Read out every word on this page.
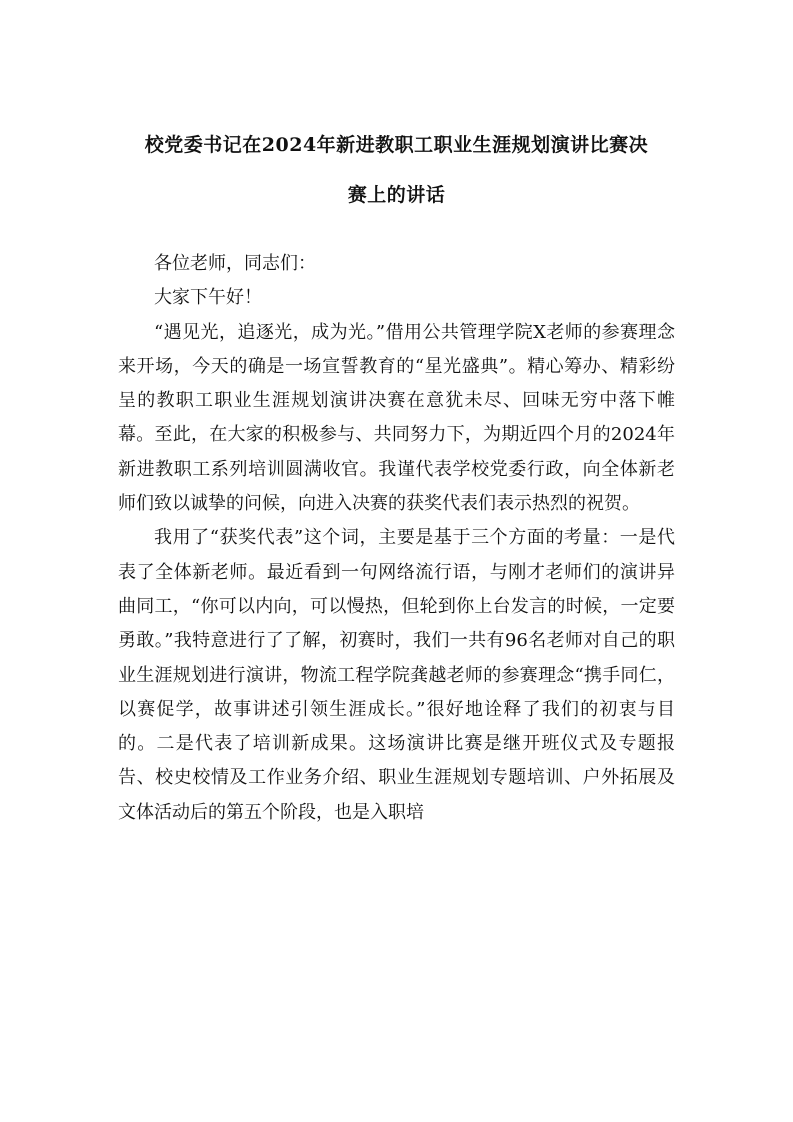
校党委书记在2024年新进教职工职业生涯规划演讲比赛决
赛上的讲话

各位老师，同志们：

大家下午好！

“遇见光，追逐光，成为光。”借用公共管理学院X老师的参赛理念来开场，今天的确是一场宣誓教育的“星光盛典”。精心筹办、精彩纷呈的教职工职业生涯规划演讲决赛在意犹未尽、回味无穷中落下帷幕。至此，在大家的积极参与、共同努力下，为期近四个月的2024年新进教职工系列培训圆满收官。我谨代表学校党委行政，向全体新老师们致以诚挚的问候，向进入决赛的获奖代表们表示热烈的祝贺。

我用了“获奖代表”这个词，主要是基于三个方面的考量：一是代表了全体新老师。最近看到一句网络流行语，与刚才老师们的演讲异曲同工，“你可以内向，可以慢热，但轮到你上台发言的时候，一定要勇敢。”我特意进行了了解，初赛时，我们一共有96名老师对自己的职业生涯规划进行演讲，物流工程学院龚越老师的参赛理念“携手同仁，以赛促学，故事讲述引领生涯成长。”很好地诠释了我们的初衷与目的。二是代表了培训新成果。这场演讲比赛是继开班仪式及专题报告、校史校情及工作业务介绍、职业生涯规划专题培训、户外拓展及文体活动后的第五个阶段，也是入职培
